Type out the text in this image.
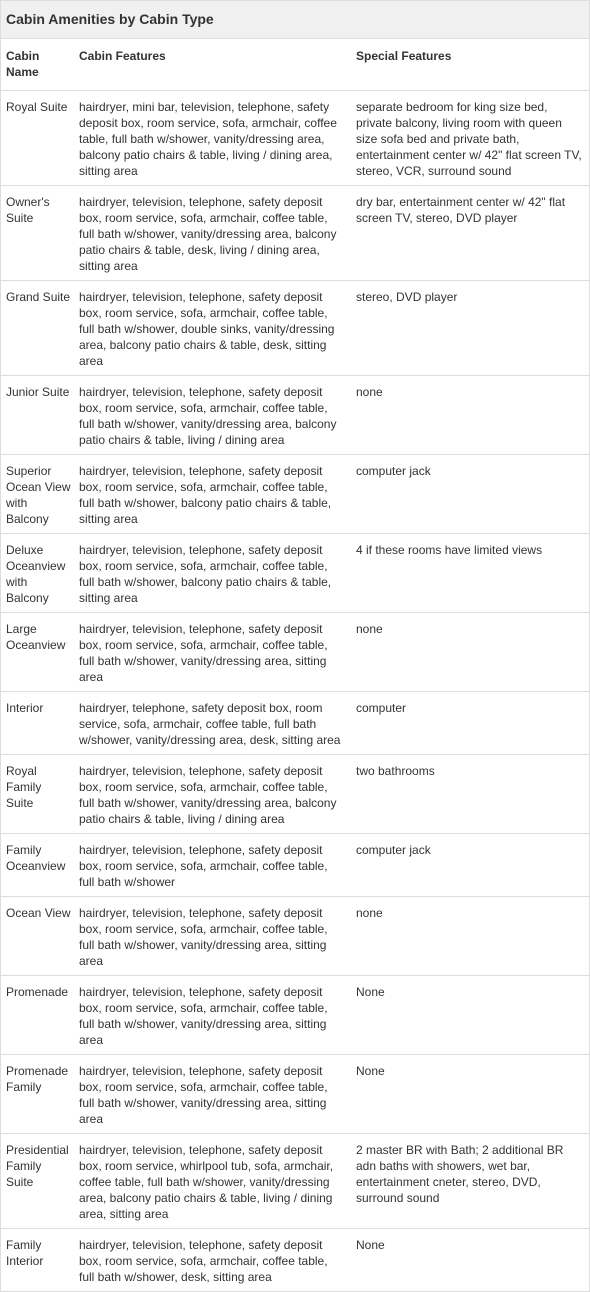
Cabin Amenities by Cabin Type
Cabin Name	Cabin Features	Special Features
Royal Suite	hairdryer, mini bar, television, telephone, safety deposit box, room service, sofa, armchair, coffee table, full bath w/shower, vanity/dressing area, balcony patio chairs & table, living / dining area, sitting area	separate bedroom for king size bed, private balcony, living room with queen size sofa bed and private bath, entertainment center w/ 42" flat screen TV, stereo, VCR, surround sound
Owner's Suite	hairdryer, television, telephone, safety deposit box, room service, sofa, armchair, coffee table, full bath w/shower, vanity/dressing area, balcony patio chairs & table, desk, living / dining area, sitting area	dry bar, entertainment center w/ 42" flat screen TV, stereo, DVD player
Grand Suite	hairdryer, television, telephone, safety deposit box, room service, sofa, armchair, coffee table, full bath w/shower, double sinks, vanity/dressing area, balcony patio chairs & table, desk, sitting area	stereo, DVD player
Junior Suite	hairdryer, television, telephone, safety deposit box, room service, sofa, armchair, coffee table, full bath w/shower, vanity/dressing area, balcony patio chairs & table, living / dining area	none
Superior Ocean View with Balcony	hairdryer, television, telephone, safety deposit box, room service, sofa, armchair, coffee table, full bath w/shower, balcony patio chairs & table, sitting area	computer jack
Deluxe Oceanview with Balcony	hairdryer, television, telephone, safety deposit box, room service, sofa, armchair, coffee table, full bath w/shower, balcony patio chairs & table, sitting area	4 if these rooms have limited views
Large Oceanview	hairdryer, television, telephone, safety deposit box, room service, sofa, armchair, coffee table, full bath w/shower, vanity/dressing area, sitting area	none
Interior	hairdryer, telephone, safety deposit box, room service, sofa, armchair, coffee table, full bath w/shower, vanity/dressing area, desk, sitting area	computer
Royal Family Suite	hairdryer, television, telephone, safety deposit box, room service, sofa, armchair, coffee table, full bath w/shower, vanity/dressing area, balcony patio chairs & table, living / dining area	two bathrooms
Family Oceanview	hairdryer, television, telephone, safety deposit box, room service, sofa, armchair, coffee table, full bath w/shower	computer jack
Ocean View	hairdryer, television, telephone, safety deposit box, room service, sofa, armchair, coffee table, full bath w/shower, vanity/dressing area, sitting area	none
Promenade	hairdryer, television, telephone, safety deposit box, room service, sofa, armchair, coffee table, full bath w/shower, vanity/dressing area, sitting area	None
Promenade Family	hairdryer, television, telephone, safety deposit box, room service, sofa, armchair, coffee table, full bath w/shower, vanity/dressing area, sitting area	None
Presidential Family Suite	hairdryer, television, telephone, safety deposit box, room service, whirlpool tub, sofa, armchair, coffee table, full bath w/shower, vanity/dressing area, balcony patio chairs & table, living / dining area, sitting area	2 master BR with Bath; 2 additional BR adn baths with showers, wet bar, entertainment cneter, stereo, DVD, surround sound
Family Interior	hairdryer, television, telephone, safety deposit box, room service, sofa, armchair, coffee table, full bath w/shower, desk, sitting area	None
